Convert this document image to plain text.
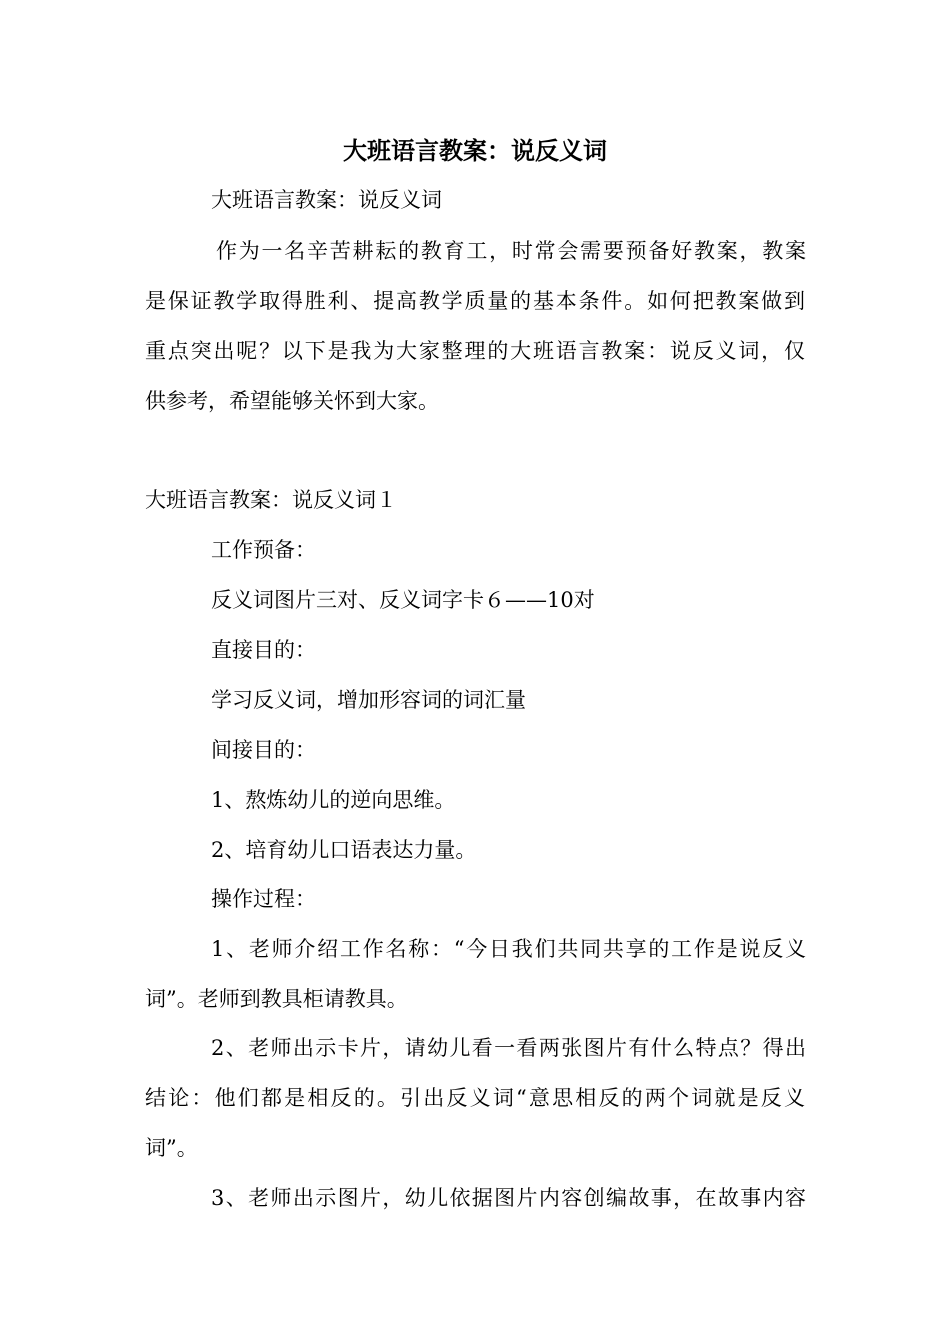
大班语言教案：说反义词

大班语言教案：说反义词

作为一名辛苦耕耘的教育工，时常会需要预备好教案，教案

是保证教学取得胜利、提高教学质量的基本条件。如何把教案做到

重点突出呢？以下是我为大家整理的大班语言教案：说反义词，仅

供参考，希望能够关怀到大家。

大班语言教案：说反义词１

工作预备：

反义词图片三对、反义词字卡６——10对

直接目的：

学习反义词，增加形容词的词汇量

间接目的：

1、熬炼幼儿的逆向思维。

2、培育幼儿口语表达力量。

操作过程：

1、老师介绍工作名称：“今日我们共同共享的工作是说反义

词”。老师到教具柜请教具。

2、老师出示卡片，请幼儿看一看两张图片有什么特点？得出

结论：他们都是相反的。引出反义词“意思相反的两个词就是反义

词”。

3、老师出示图片，幼儿依据图片内容创编故事，在故事内容
